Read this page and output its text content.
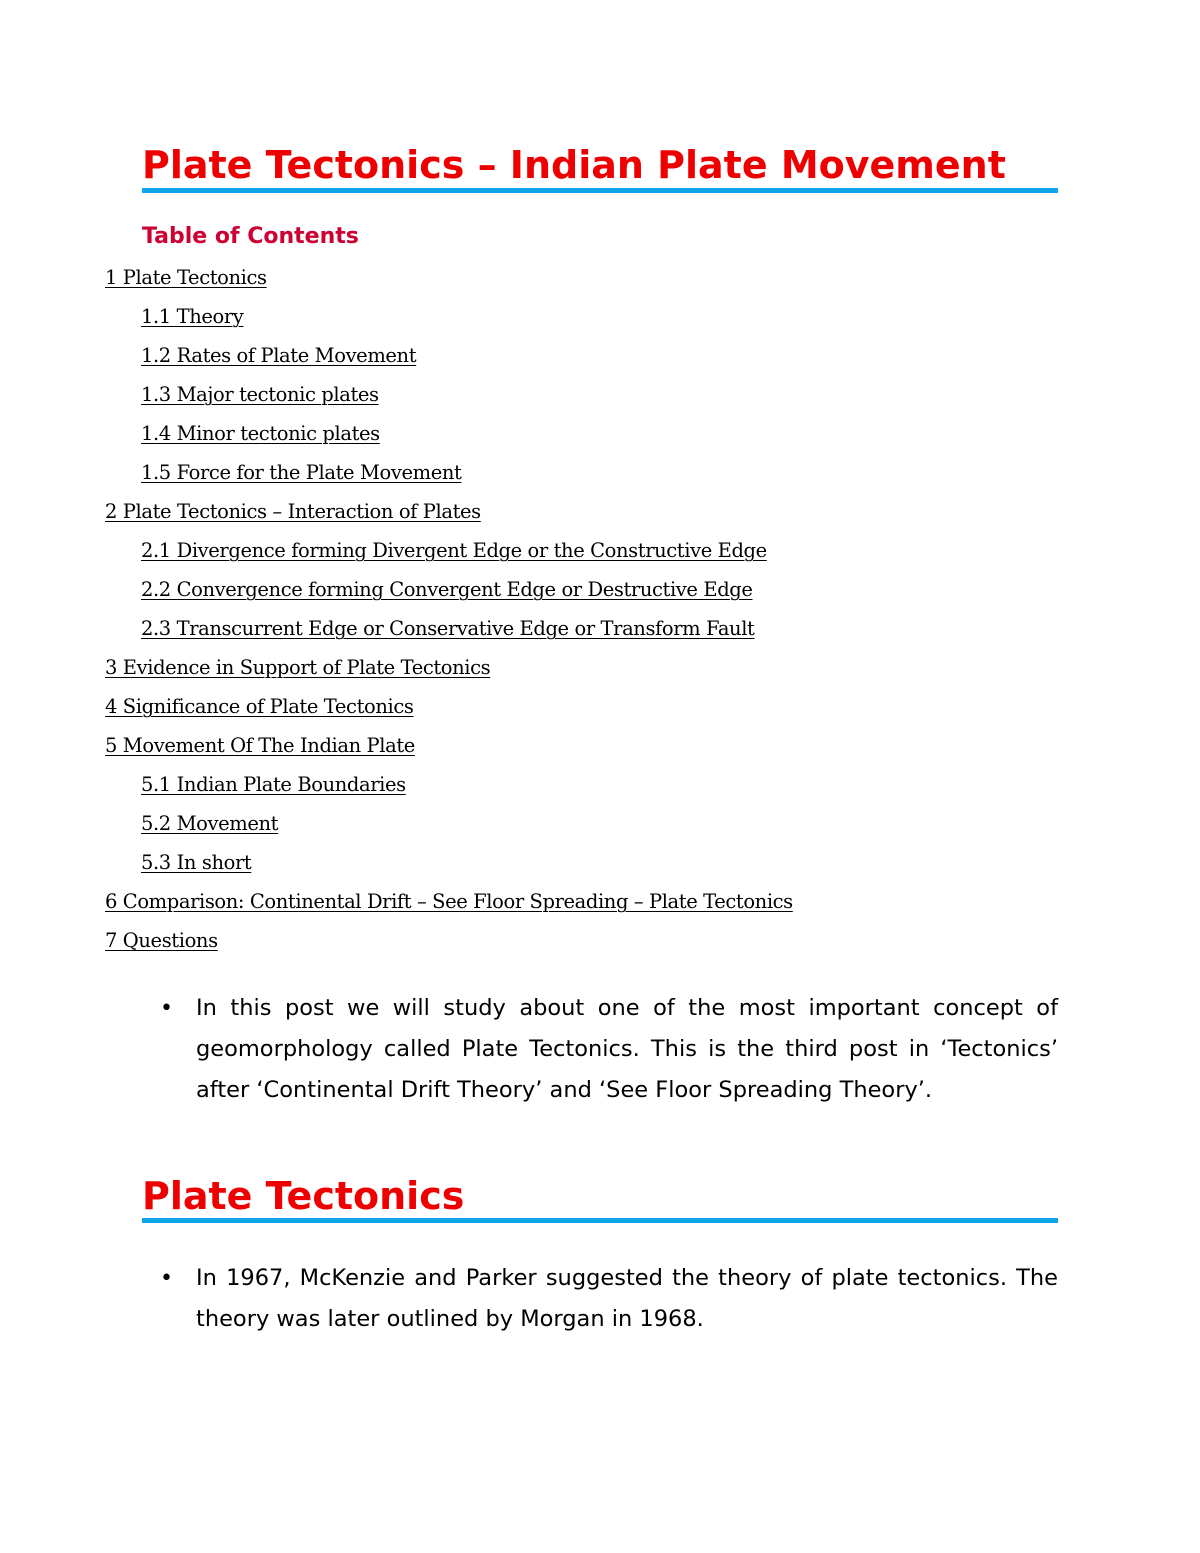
Plate Tectonics – Indian Plate Movement
Table of Contents
1 Plate Tectonics
1.1 Theory
1.2 Rates of Plate Movement
1.3 Major tectonic plates
1.4 Minor tectonic plates
1.5 Force for the Plate Movement
2 Plate Tectonics – Interaction of Plates
2.1 Divergence forming Divergent Edge or the Constructive Edge
2.2 Convergence forming Convergent Edge or Destructive Edge
2.3 Transcurrent Edge or Conservative Edge or Transform Fault
3 Evidence in Support of Plate Tectonics
4 Significance of Plate Tectonics
5 Movement Of The Indian Plate
5.1 Indian Plate Boundaries
5.2 Movement
5.3 In short
6 Comparison: Continental Drift – See Floor Spreading – Plate Tectonics
7 Questions
•	In this post we will study about one of the most important concept of geomorphology called Plate Tectonics. This is the third post in ‘Tectonics’ after ‘Continental Drift Theory’ and ‘See Floor Spreading Theory’.
Plate Tectonics
•	In 1967, McKenzie and Parker suggested the theory of plate tectonics. The theory was later outlined by Morgan in 1968.
